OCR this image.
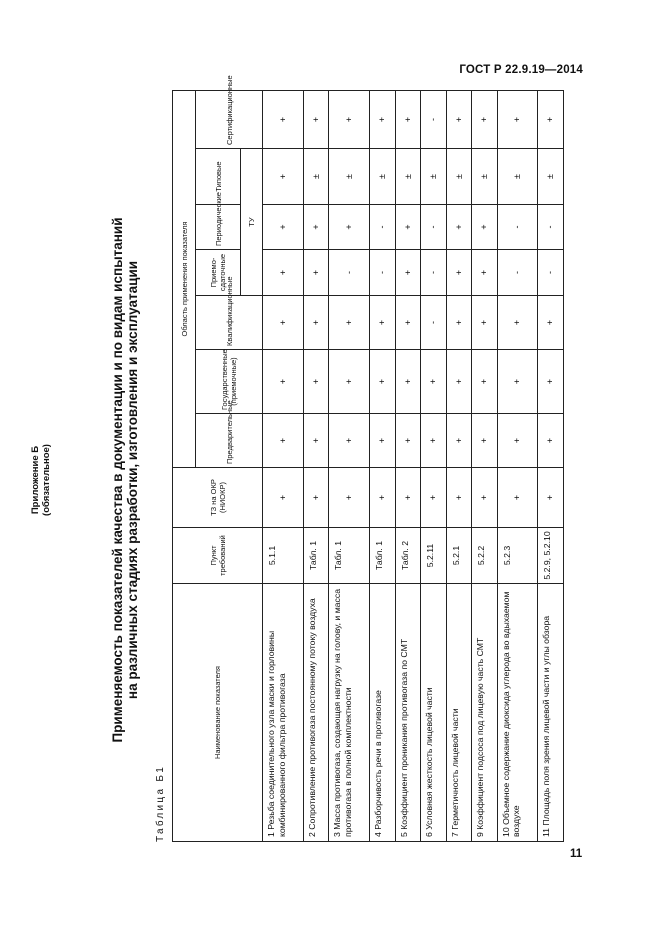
ГОСТ Р 22.9.19—2014
Приложение Б (обязательное)	Применяемость показателей качества в документации и по видам испытаний на различных стадиях разработки, изготовления и эксплуатации
Таблица Б1
Наименование показателя	Пункт требований	ТЗ на ОКР (НИОКР)	Область применения показателя						
			Предварительные	Государственные (приемочные)	Квалификационные	Приемо-сдаточные	Периодические	Типовые	Сертификационные
						ТУ			
1 Резьба соединительного узла маски и горловины комбинированного фильтра противогаза	5.1.1	+	+	+	+	+	+	+	+
2 Сопротивление противогаза постоянному потоку воздуха	Табл. 1	+	+	+	+	+	+	±	+
3 Масса противогаза, создающая нагрузку на голову, и масса противогаза в полной комплектности	Табл. 1	+	+	+	+	-	+	±	+
4 Разборчивость речи в противогазе	Табл. 1	+	+	+	+	-	-	±	+
5 Коэффициент проникания противогаза по СМТ	Табл. 2	+	+	+	+	+	+	±	+
6 Условная жесткость лицевой части	5.2.11	+	+	+	-	-	-	±	-
7 Герметичность лицевой части	5.2.1	+	+	+	+	+	+	±	+
9 Коэффициент подсоса под лицевую часть СМТ	5.2.2	+	+	+	+	+	+	±	+
10 Объемное содержание диоксида углерода во вдыхаемом воздухе	5.2.3	+	+	+	+	-	-	±	+
11 Площадь поля зрения лицевой части и углы обзора	5.2.9, 5.2.10	+	+	+	+	-	-	±	+
11
